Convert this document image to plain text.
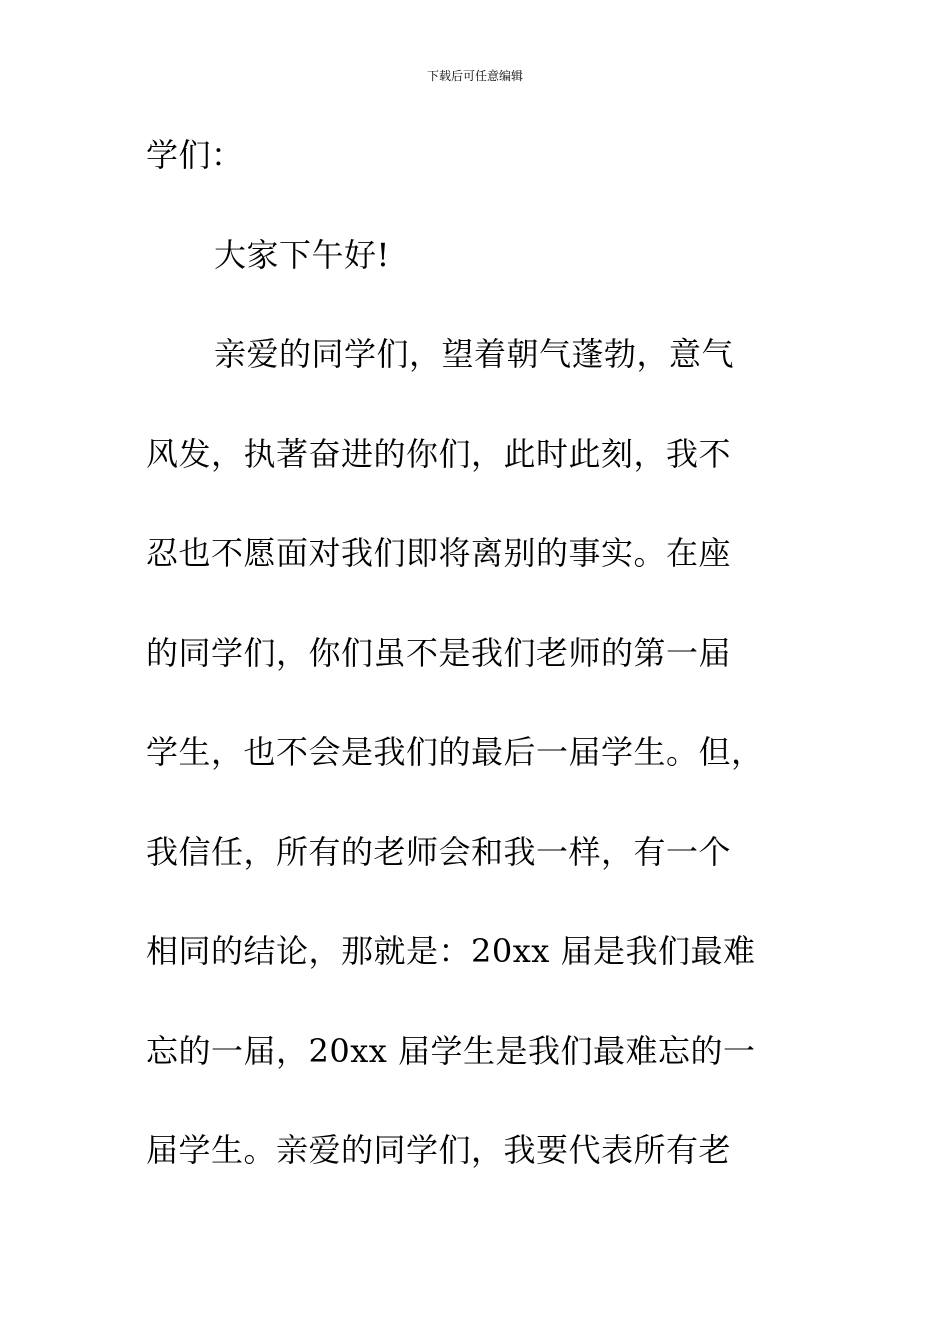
下载后可任意编辑
学们：
大家下午好!
亲爱的同学们，望着朝气蓬勃，意气
风发，执著奋进的你们，此时此刻，我不
忍也不愿面对我们即将离别的事实。在座
的同学们，你们虽不是我们老师的第一届
学生，也不会是我们的最后一届学生。但，
我信任，所有的老师会和我一样，有一个
相同的结论，那就是：20xx 届是我们最难
忘的一届，20xx 届学生是我们最难忘的一
届学生。亲爱的同学们，我要代表所有老
